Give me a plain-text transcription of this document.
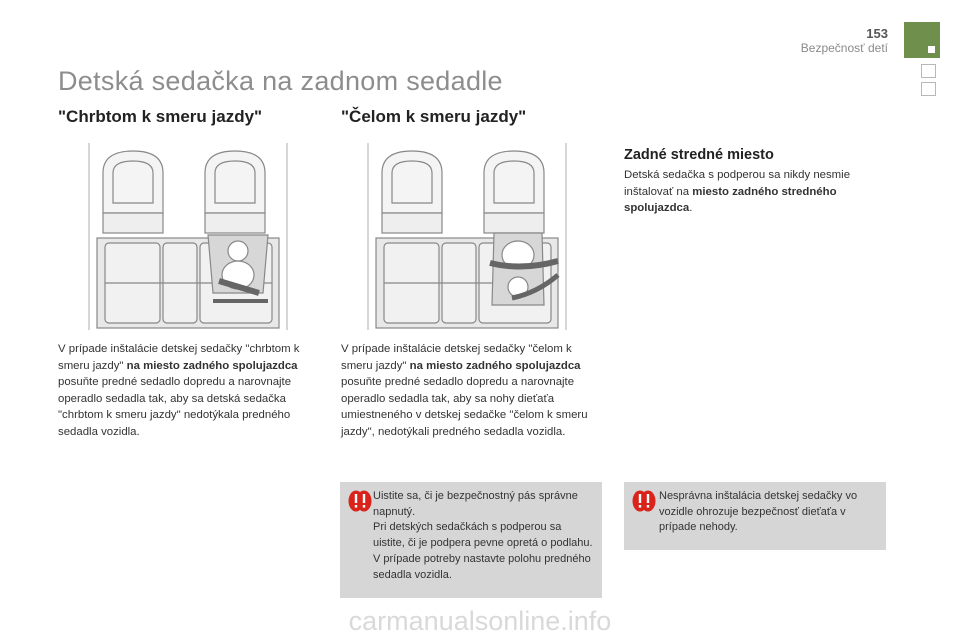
153
Bezpečnosť detí
Detská sedačka na zadnom sedadle
"Chrbtom k smeru jazdy"	"Čelom k smeru jazdy"
V prípade inštalácie detskej sedačky "chrbtom k smeru jazdy" na miesto zadného spolujazdca posuňte predné sedadlo dopredu a narovnajte operadlo sedadla tak, aby sa detská sedačka "chrbtom k smeru jazdy" nedotýkala predného sedadla vozidla.
V prípade inštalácie detskej sedačky "čelom k smeru jazdy" na miesto zadného spolujazdca posuňte predné sedadlo dopredu a narovnajte operadlo sedadla tak, aby sa nohy dieťaťa umiestneného v detskej sedačke "čelom k smeru jazdy", nedotýkali predného sedadla vozidla.
Zadné stredné miesto
Detská sedačka s podperou sa nikdy nesmie inštalovať na miesto zadného stredného spolujazdca.
Uistite sa, či je bezpečnostný pás správne napnutý.
Pri detských sedačkách s podperou sa uistite, či je podpera pevne opretá o podlahu. V prípade potreby nastavte polohu predného sedadla vozidla.
Nesprávna inštalácia detskej sedačky vo vozidle ohrozuje bezpečnosť dieťaťa v prípade nehody.
carmanualsonline.info
